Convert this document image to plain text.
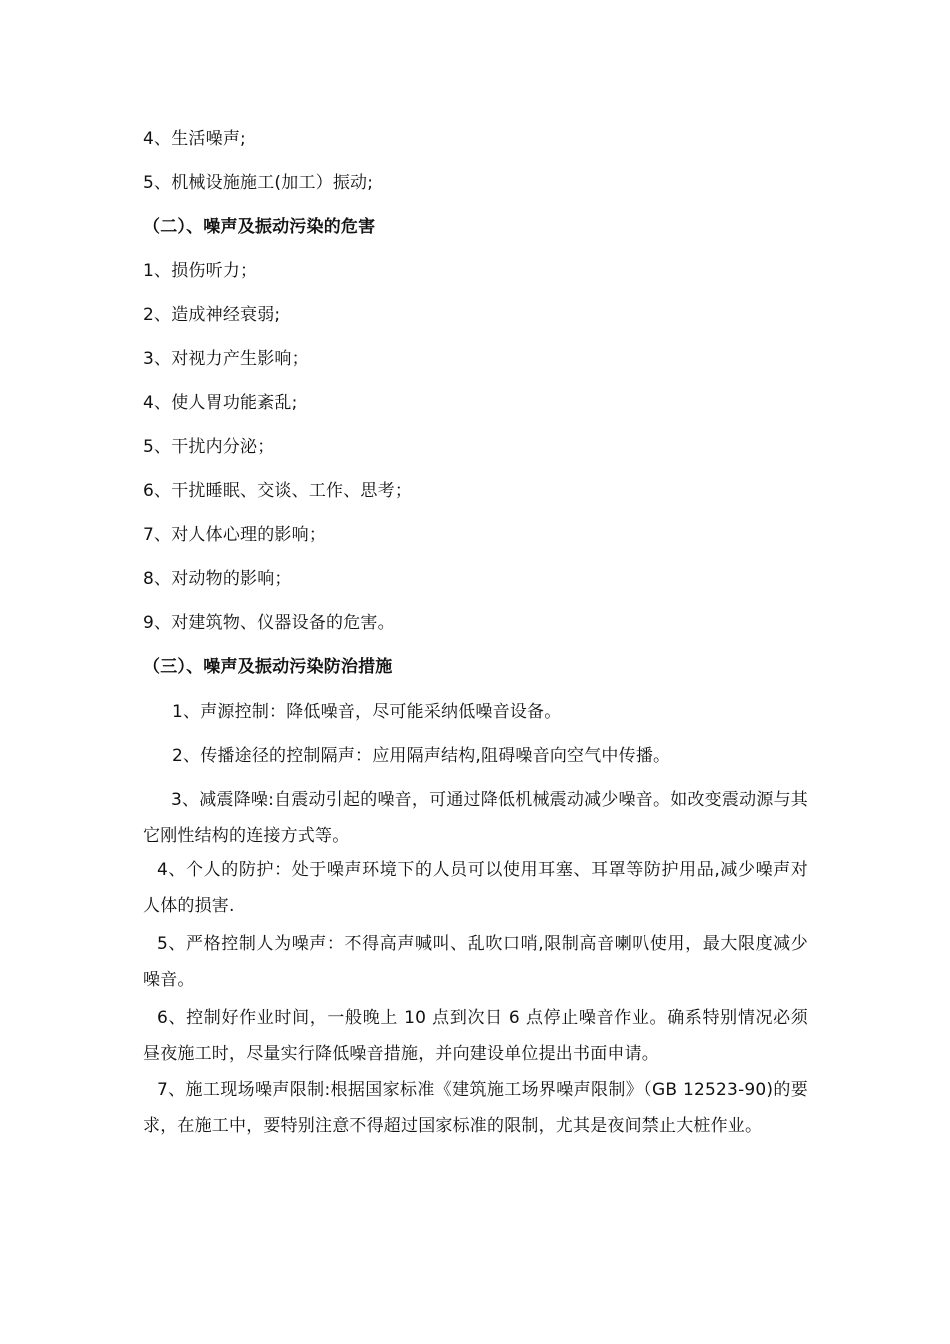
4、生活噪声;
5、机械设施施工(加工）振动;
（二）、噪声及振动污染的危害
1、损伤听力；
2、造成神经衰弱;
3、对视力产生影响；
4、使人胃功能紊乱;
5、干扰内分泌；
6、干扰睡眠、交谈、工作、思考；
7、对人体心理的影响；
8、对动物的影响；
9、对建筑物、仪器设备的危害。
（三）、噪声及振动污染防治措施
1、声源控制：降低噪音，尽可能采纳低噪音设备。
2、传播途径的控制隔声：应用隔声结构,阻碍噪音向空气中传播。
3、减震降噪:自震动引起的噪音，可通过降低机械震动减少噪音。如改变震动源与其它刚性结构的连接方式等。
4、个人的防护：处于噪声环境下的人员可以使用耳塞、耳罩等防护用品,减少噪声对人体的损害.
5、严格控制人为噪声：不得高声喊叫、乱吹口哨,限制高音喇叭使用，最大限度减少噪音。
6、控制好作业时间，一般晚上 10 点到次日 6 点停止噪音作业。确系特别情况必须昼夜施工时，尽量实行降低噪音措施，并向建设单位提出书面申请。
7、施工现场噪声限制:根据国家标准《建筑施工场界噪声限制》（GB 12523-90)的要求，在施工中，要特别注意不得超过国家标准的限制，尤其是夜间禁止大桩作业。
